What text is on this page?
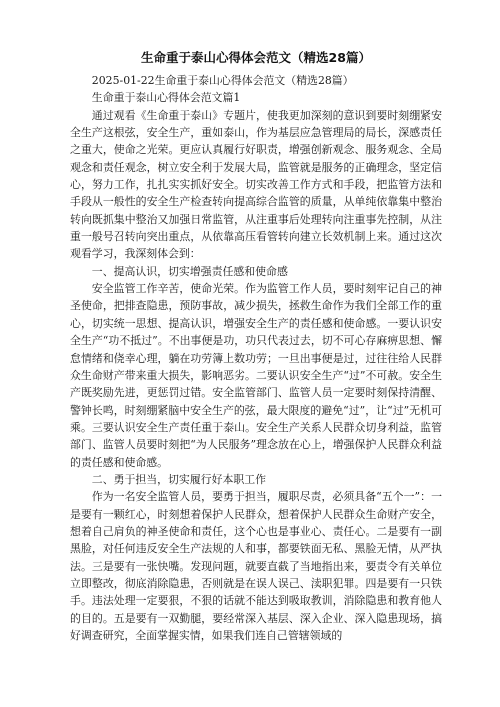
生命重于泰山心得体会范文（精选28篇）

2025-01-22生命重于泰山心得体会范文（精选28篇）

生命重于泰山心得体会范文篇1

通过观看《生命重于泰山》专题片，使我更加深刻的意识到要时刻绷紧安全生产这根弦，安全生产，重如泰山，作为基层应急管理局的局长，深感责任之重大，使命之光荣。更应认真履行好职责，增强创新观念、服务观念、全局观念和责任观念，树立安全利于发展大局，监管就是服务的正确理念，坚定信心，努力工作，扎扎实实抓好安全。切实改善工作方式和手段，把监管方法和手段从一般性的安全生产检查转向提高综合监管的质量，从单纯依靠集中整治转向既抓集中整治又加强日常监管，从注重事后处理转向注重事先控制，从注重一般号召转向突出重点，从依靠高压看管转向建立长效机制上来。通过这次观看学习，我深刻体会到：

一、提高认识，切实增强责任感和使命感

安全监管工作辛苦，使命光荣。作为监管工作人员，要时刻牢记自己的神圣使命，把排查隐患，预防事故，减少损失，拯救生命作为我们全部工作的重心，切实统一思想、提高认识，增强安全生产的责任感和使命感。一要认识安全生产“功不抵过”。不出事便是功，功只代表过去，切不可心存麻痹思想、懈怠情绪和侥幸心理，躺在功劳簿上数功劳；一旦出事便是过，过往往给人民群众生命财产带来重大损失，影响恶劣。二要认识安全生产“过”不可赦。安全生产既奖励先进，更惩罚过错。安全监管部门、监管人员一定要时刻保持清醒、警钟长鸣，时刻绷紧脑中安全生产的弦，最大限度的避免“过”，让“过”无机可乘。三要认识安全生产责任重于泰山。安全生产关系人民群众切身利益，监管部门、监管人员要时刻把“为人民服务”理念放在心上，增强保护人民群众利益的责任感和使命感。

二、勇于担当，切实履行好本职工作

作为一名安全监管人员，要勇于担当，履职尽责，必须具备“五个一”：一是要有一颗红心，时刻想着保护人民群众，想着保护人民群众生命财产安全，想着自己肩负的神圣使命和责任，这个心也是事业心、责任心。二是要有一副黑脸，对任何违反安全生产法规的人和事，都要铁面无私、黑脸无情，从严执法。三是要有一张快嘴。发现问题，就要直截了当地指出来，要责令有关单位立即整改，彻底消除隐患，否则就是在误人误己、渎职犯罪。四是要有一只铁手。违法处理一定要狠，不狠的话就不能达到吸取教训，消除隐患和教育他人的目的。五是要有一双勤腿，要经常深入基层、深入企业、深入隐患现场，搞好调查研究，全面掌握实情，如果我们连自己管辖领域的
